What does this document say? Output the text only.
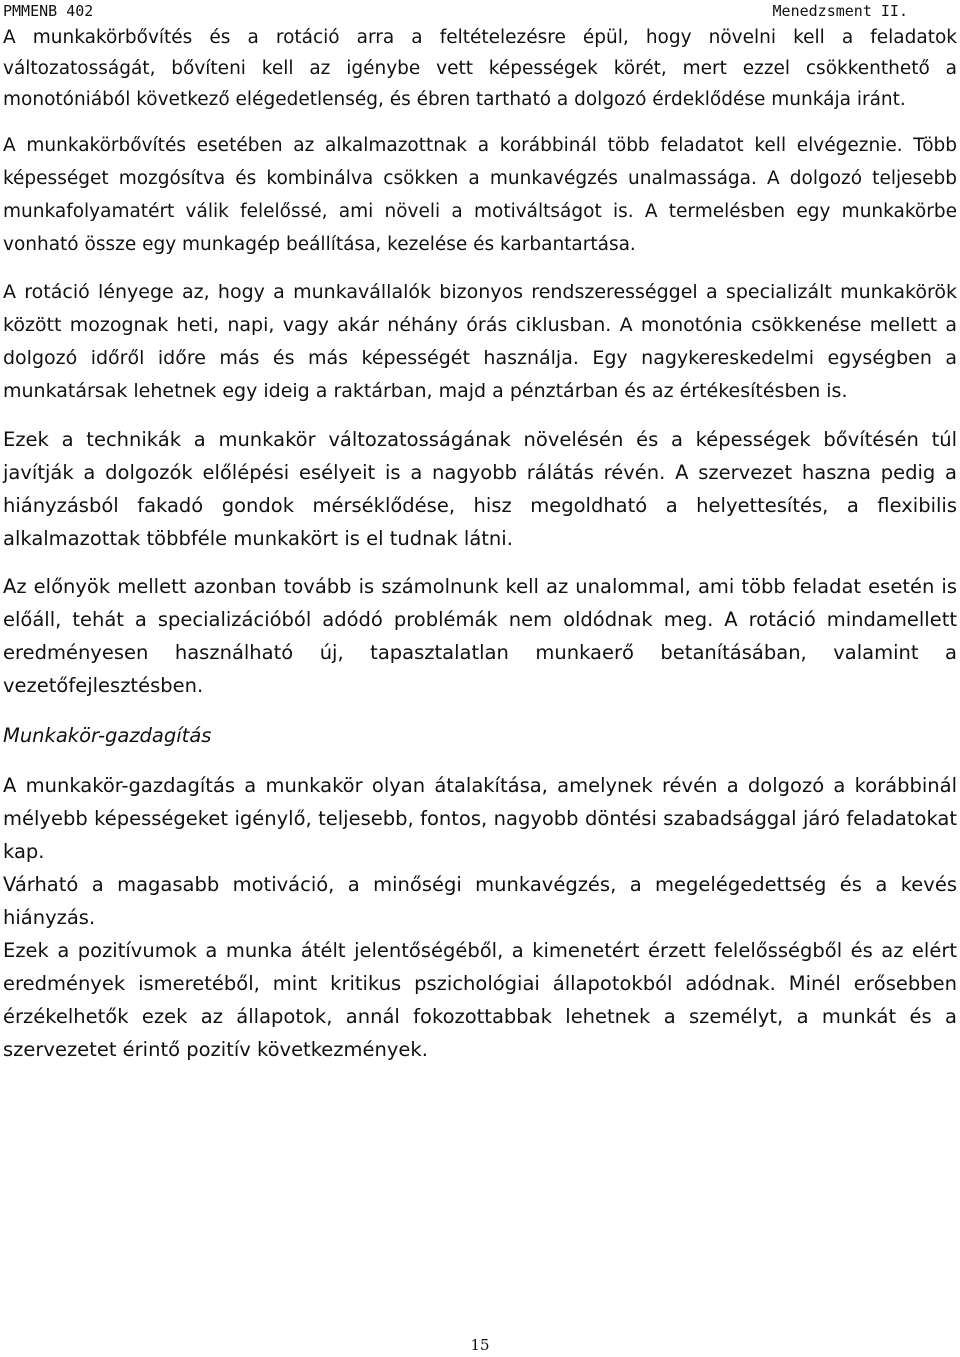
PMMENB 402	Menedzsment II.

A munkakörbővítés és a rotáció arra a feltételezésre épül, hogy növelni kell a feladatok változatosságát, bővíteni kell az igénybe vett képességek körét, mert ezzel csökkenthető a monotóniából következő elégedetlenség, és ébren tartható a dolgozó érdeklődése munkája iránt.

A munkakörbővítés esetében az alkalmazottnak a korábbinál több feladatot kell elvégeznie. Több képességet mozgósítva és kombinálva csökken a munkavégzés unalmassága. A dolgozó teljesebb munkafolyamatért válik felelőssé, ami növeli a motiváltságot is. A termelésben egy munkakörbe vonható össze egy munkagép beállítása, kezelése és karbantartása.

A rotáció lényege az, hogy a munkavállalók bizonyos rendszerességgel a specializált munkakörök között mozognak heti, napi, vagy akár néhány órás ciklusban. A monotónia csökkenése mellett a dolgozó időről időre más és más képességét használja. Egy nagykereskedelmi egységben a munkatársak lehetnek egy ideig a raktárban, majd a pénztárban és az értékesítésben is.

Ezek a technikák a munkakör változatosságának növelésén és a képességek bővítésén túl javítják a dolgozók előlépési esélyeit is a nagyobb rálátás révén. A szervezet haszna pedig a hiányzásból fakadó gondok mérséklődése, hisz megoldható a helyettesítés, a flexibilis alkalmazottak többféle munkakört is el tudnak látni.

Az előnyök mellett azonban tovább is számolnunk kell az unalommal, ami több feladat esetén is előáll, tehát a specializációból adódó problémák nem oldódnak meg. A rotáció mindamellett eredményesen használható új, tapasztalatlan munkaerő betanításában, valamint a vezetőfejlesztésben.

Munkakör-gazdagítás

A munkakör-gazdagítás a munkakör olyan átalakítása, amelynek révén a dolgozó a korábbinál mélyebb képességeket igénylő, teljesebb, fontos, nagyobb döntési szabadsággal járó feladatokat kap.

Várható a magasabb motiváció, a minőségi munkavégzés, a megelégedettség és a kevés hiányzás.

Ezek a pozitívumok a munka átélt jelentőségéből, a kimenetért érzett felelősségből és az elért eredmények ismeretéből, mint kritikus pszichológiai állapotokból adódnak. Minél erősebben érzékelhetők ezek az állapotok, annál fokozottabbak lehetnek a személyt, a munkát és a szervezetet érintő pozitív következmények.

15
